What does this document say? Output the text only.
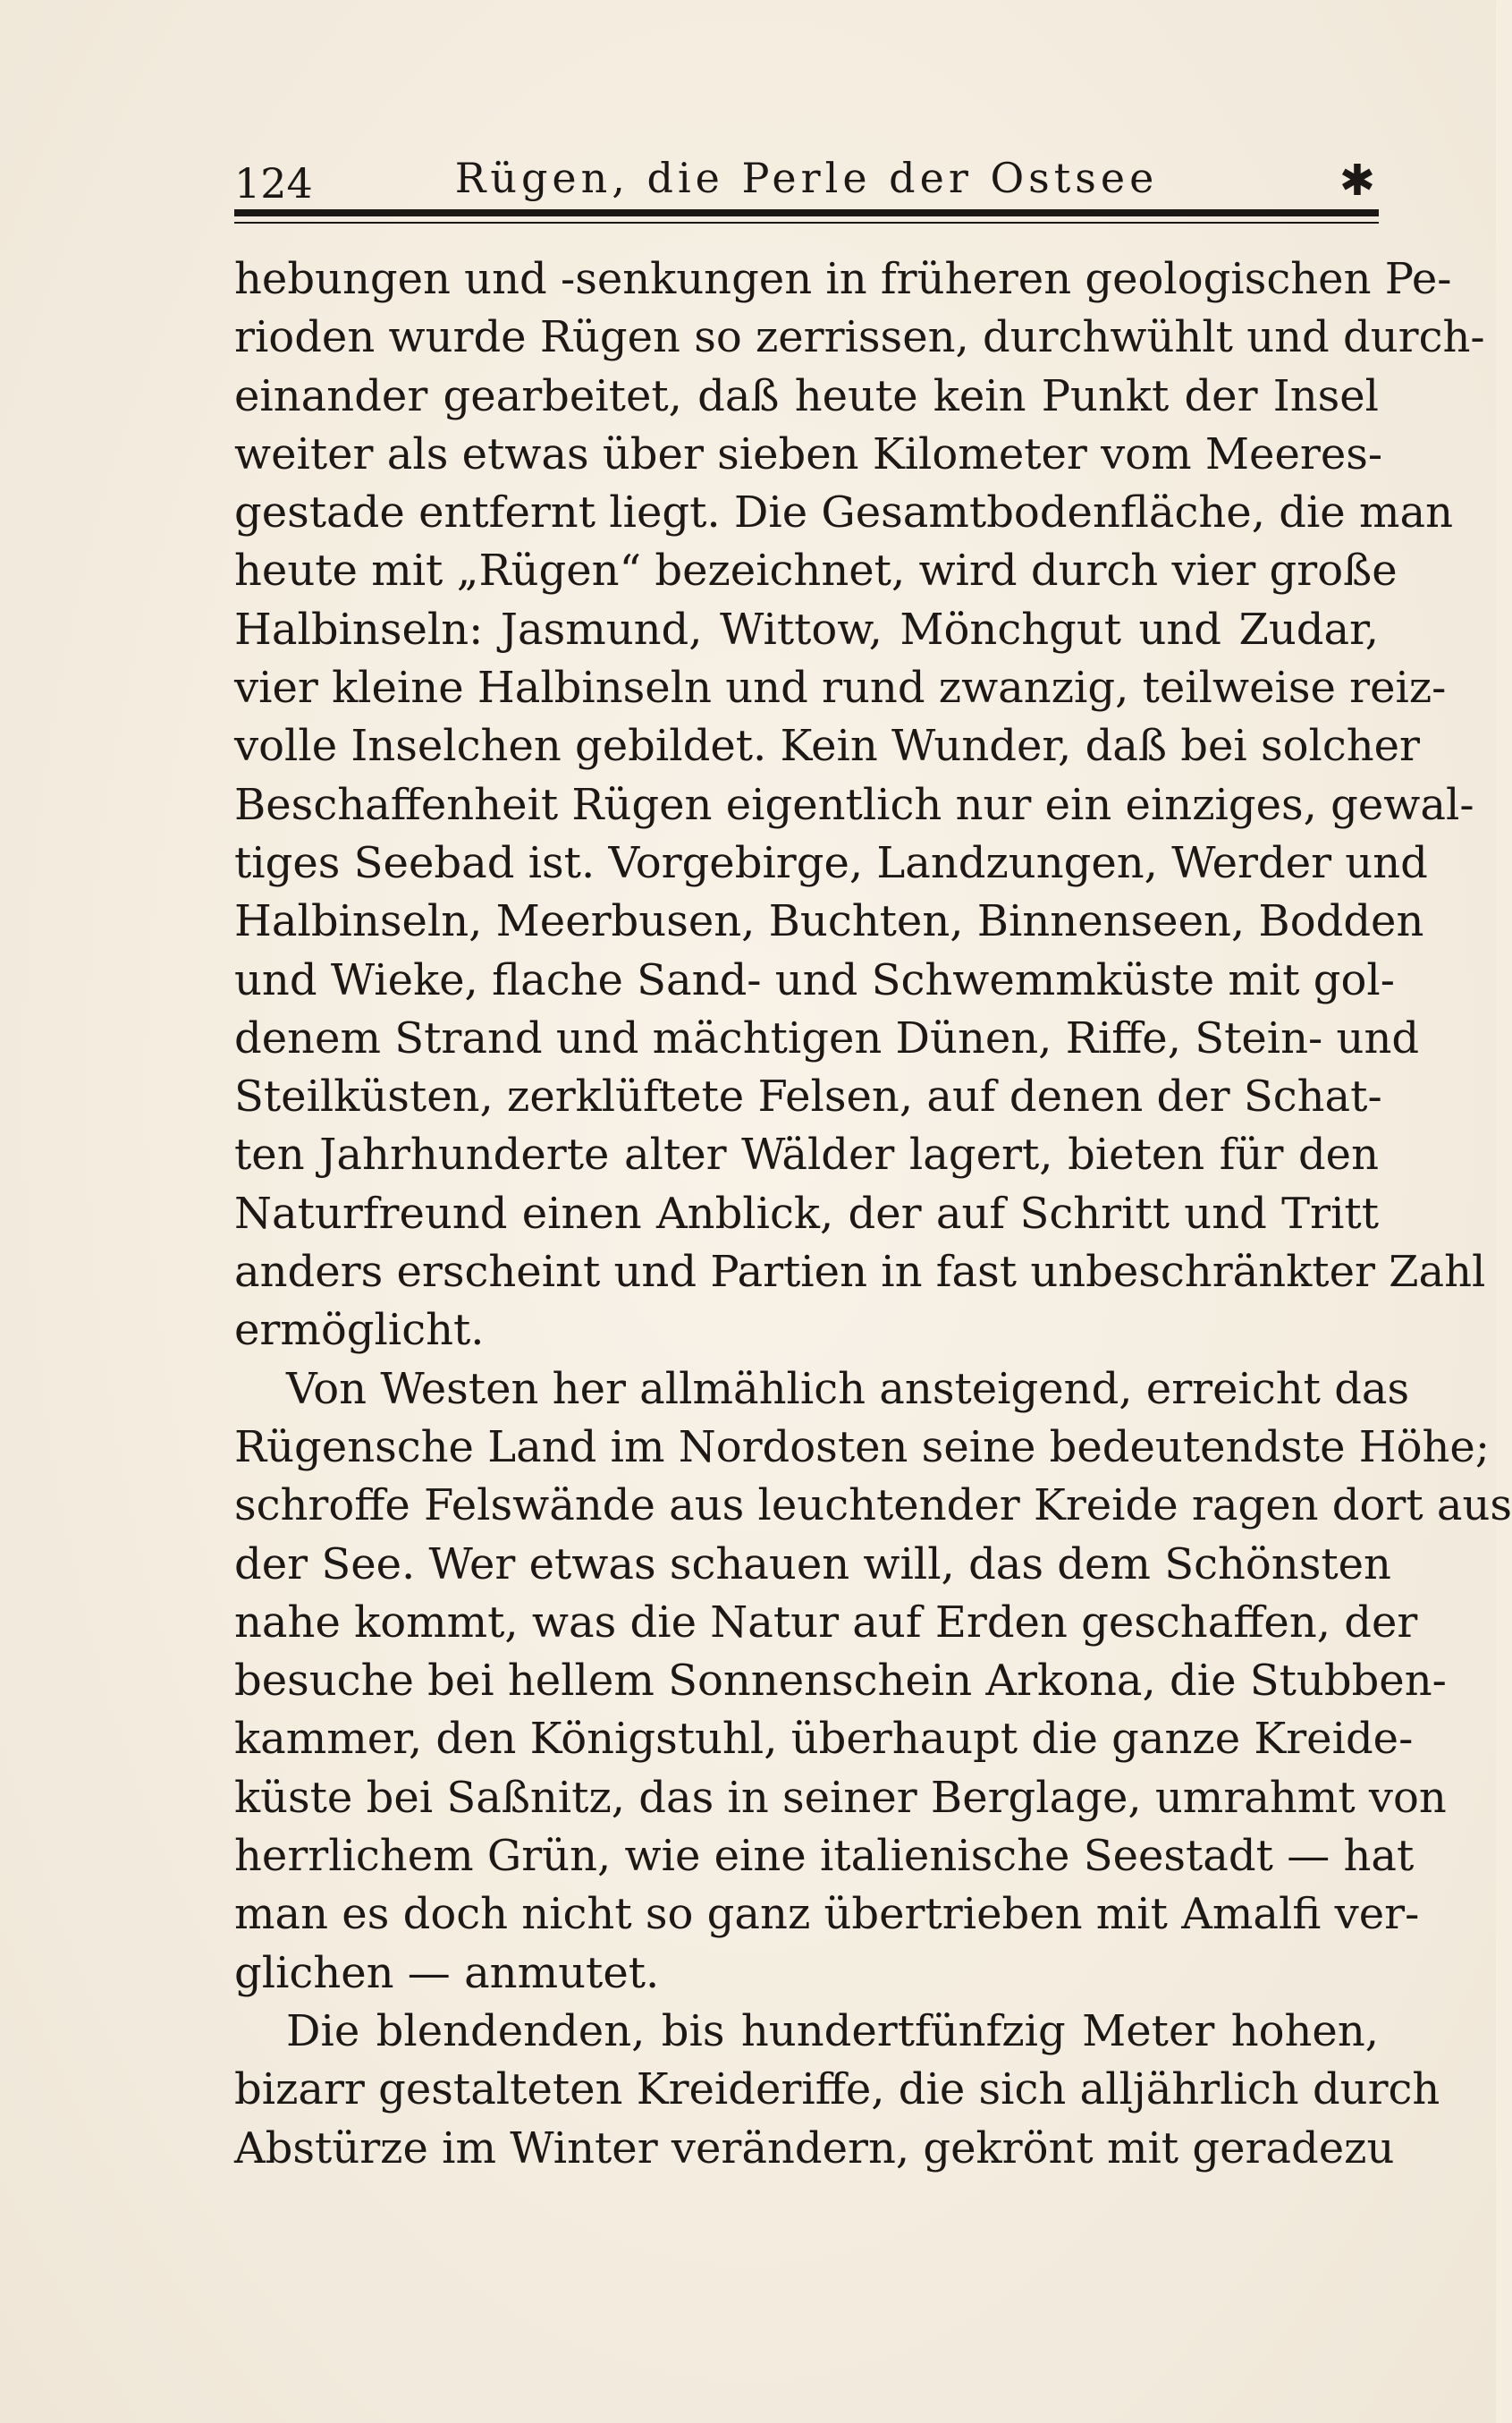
124	Rügen, die Perle der Ostsee	✱
hebungen und -senkungen in früheren geologischen Pe-
rioden wurde Rügen so zerrissen, durchwühlt und durch-
einander gearbeitet, daß heute kein Punkt der Insel
weiter als etwas über sieben Kilometer vom Meeres-
gestade entfernt liegt. Die Gesamtbodenfläche, die man
heute mit „Rügen“ bezeichnet, wird durch vier große
Halbinseln: Jasmund, Wittow, Mönchgut und Zudar,
vier kleine Halbinseln und rund zwanzig, teilweise reiz-
volle Inselchen gebildet. Kein Wunder, daß bei solcher
Beschaffenheit Rügen eigentlich nur ein einziges, gewal-
tiges Seebad ist. Vorgebirge, Landzungen, Werder und
Halbinseln, Meerbusen, Buchten, Binnenseen, Bodden
und Wieke, flache Sand- und Schwemmküste mit gol-
denem Strand und mächtigen Dünen, Riffe, Stein- und
Steilküsten, zerklüftete Felsen, auf denen der Schat-
ten Jahrhunderte alter Wälder lagert, bieten für den
Naturfreund einen Anblick, der auf Schritt und Tritt
anders erscheint und Partien in fast unbeschränkter Zahl
ermöglicht.
Von Westen her allmählich ansteigend, erreicht das
Rügensche Land im Nordosten seine bedeutendste Höhe;
schroffe Felswände aus leuchtender Kreide ragen dort aus
der See. Wer etwas schauen will, das dem Schönsten
nahe kommt, was die Natur auf Erden geschaffen, der
besuche bei hellem Sonnenschein Arkona, die Stubben-
kammer, den Königstuhl, überhaupt die ganze Kreide-
küste bei Saßnitz, das in seiner Berglage, umrahmt von
herrlichem Grün, wie eine italienische Seestadt — hat
man es doch nicht so ganz übertrieben mit Amalfi ver-
glichen — anmutet.
Die blendenden, bis hundertfünfzig Meter hohen,
bizarr gestalteten Kreideriffe, die sich alljährlich durch
Abstürze im Winter verändern, gekrönt mit geradezu
